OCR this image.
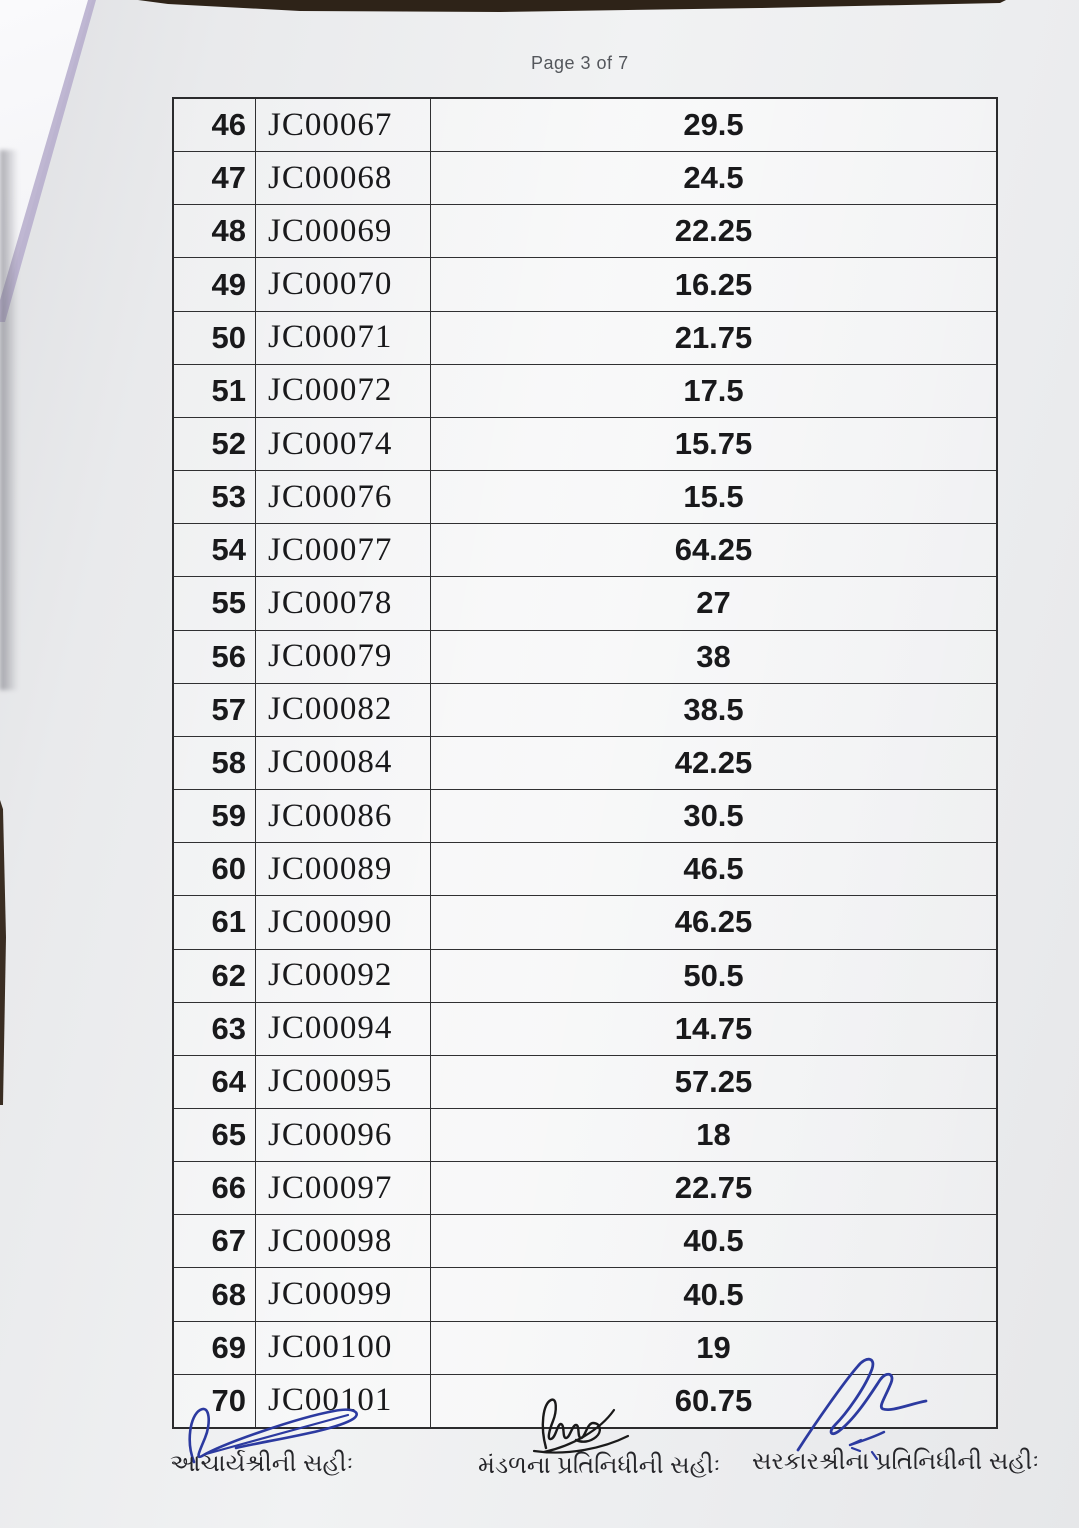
Page 3 of 7
46 JC00067	29.5
47 JC00068	24.5
48 JC00069	22.25
49 JC00070	16.25
50 JC00071	21.75
51 JC00072	17.5
52 JC00074	15.75
53 JC00076	15.5
54 JC00077	64.25
55 JC00078	27
56 JC00079	38
57 JC00082	38.5
58 JC00084	42.25
59 JC00086	30.5
60 JC00089	46.5
61 JC00090	46.25
62 JC00092	50.5
63 JC00094	14.75
64 JC00095	57.25
65 JC00096	18
66 JC00097	22.75
67 JC00098	40.5
68 JC00099	40.5
69 JC00100	19
70 JC00101	60.75
આચાર્યશ્રીની સહીઃ	મંડળના પ્રતિનિધીની સહીઃ સરકારશ્રીના પ્રતિનિધીની સહીઃ
